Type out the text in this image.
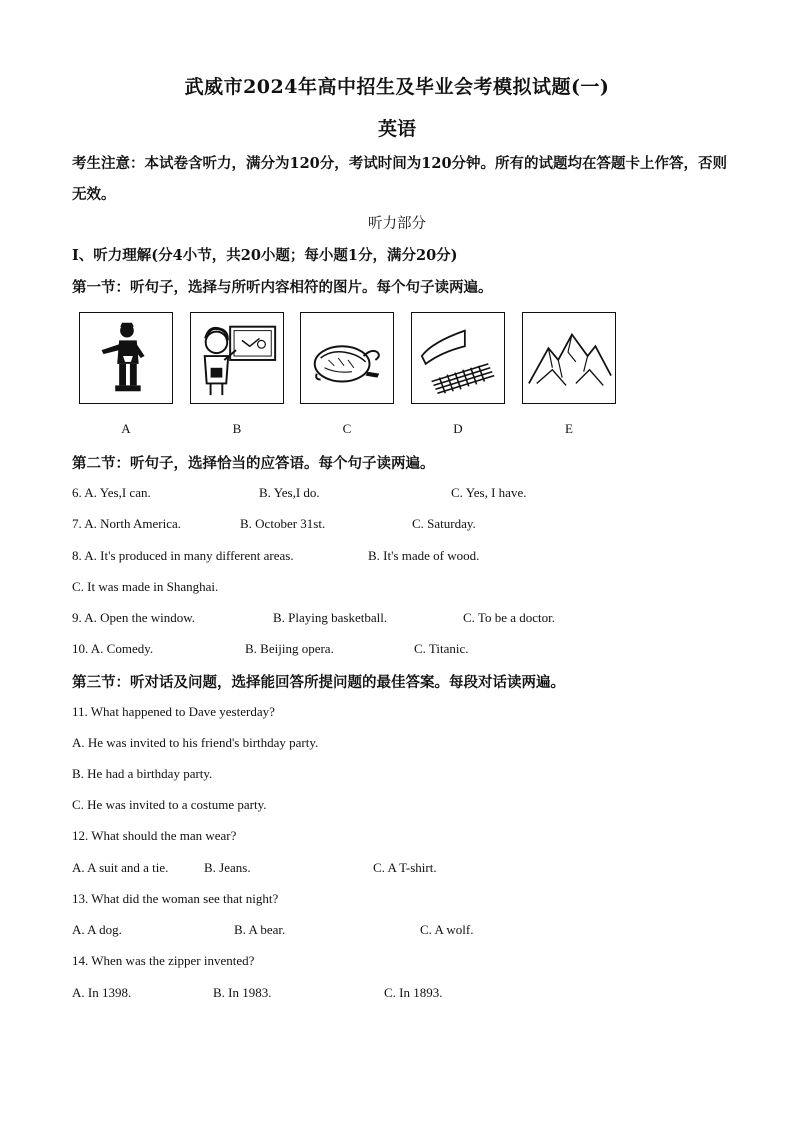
武威市2024年高中招生及毕业会考模拟试题(一)
英语
考生注意：本试卷含听力，满分为120分，考试时间为120分钟。所有的试题均在答题卡上作答，否则无效。
听力部分
Ⅰ、听力理解(分4小节，共20小题；每小题1分，满分20分)
第一节：听句子，选择与所听内容相符的图片。每个句子读两遍。
A	B	C	D	E
第二节：听句子，选择恰当的应答语。每个句子读两遍。
6. A. Yes,I can.	B. Yes,I do.	C. Yes, I have.
7. A. North America.	B. October 31st.	C. Saturday.
8. A. It's produced in many different areas.	B. It's made of wood.
C. It was made in Shanghai.
9. A. Open the window.	B. Playing basketball.	C. To be a doctor.
10. A. Comedy.	B. Beijing opera.	C. Titanic.
第三节：听对话及问题，选择能回答所提问题的最佳答案。每段对话读两遍。
11. What happened to Dave yesterday?
A. He was invited to his friend's birthday party.
B. He had a birthday party.
C. He was invited to a costume party.
12. What should the man wear?
A. A suit and a tie.	B. Jeans.	C. A T-shirt.
13. What did the woman see that night?
A. A dog.	B. A bear.	C. A wolf.
14. When was the zipper invented?
A. In 1398.	B. In 1983.	C. In 1893.
